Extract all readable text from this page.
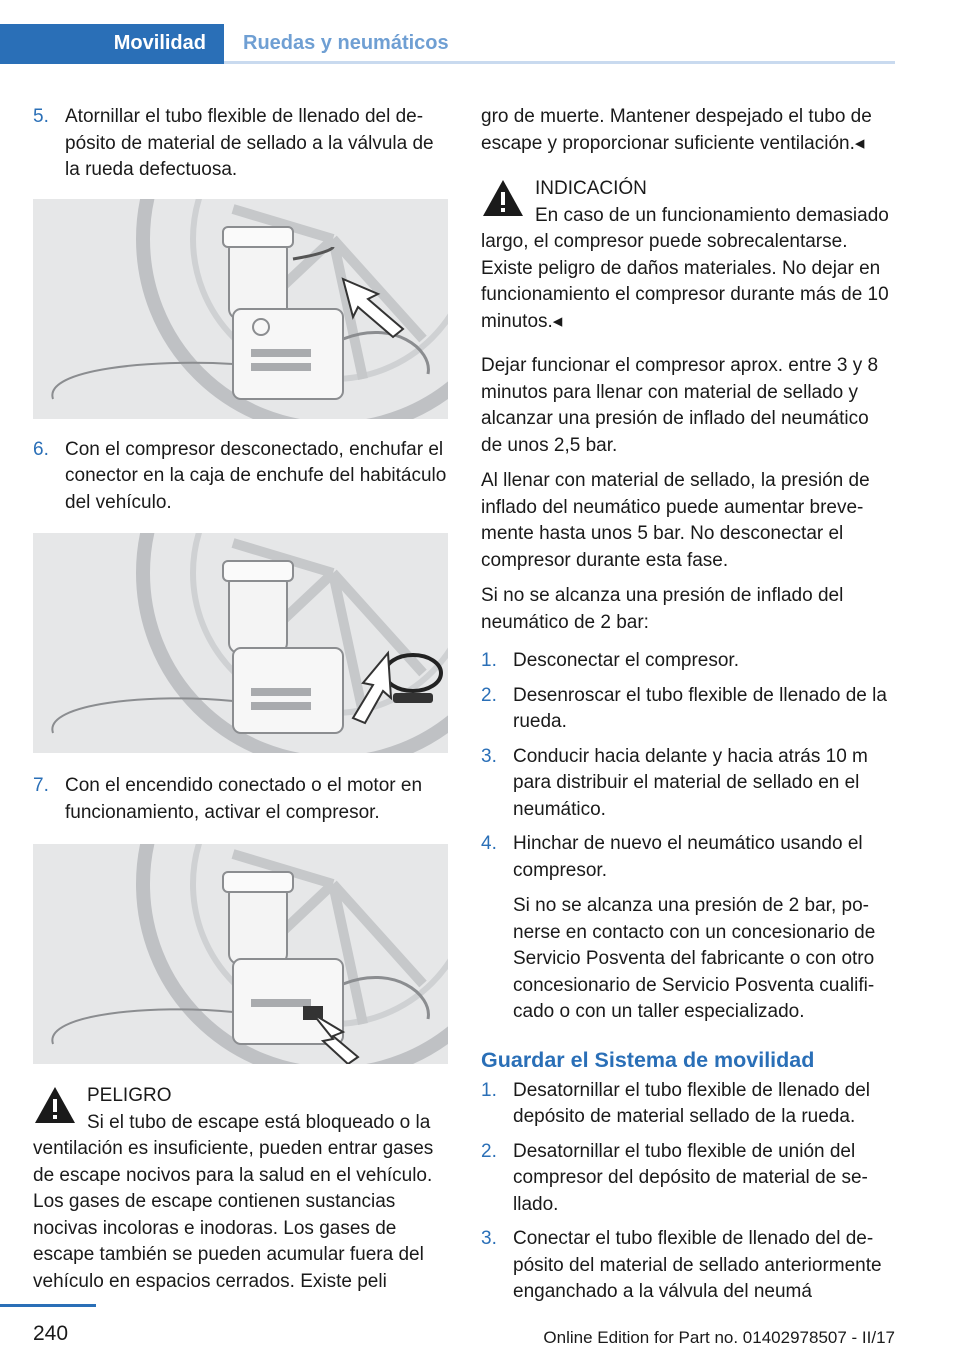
Movilidad	Ruedas y neumáticos
5. Atornillar el tubo flexible de llenado del depósito de material de sellado a la válvula de la rueda defectuosa.
6. Con el compresor desconectado, enchufar el conector en la caja de enchufe del habitáculo del vehículo.
7. Con el encendido conectado o el motor en funcionamiento, activar el compresor.
PELIGRO
Si el tubo de escape está bloqueado o la ventilación es insuficiente, pueden entrar gases de escape nocivos para la salud en el vehículo. Los gases de escape contienen sustancias nocivas incoloras e inodoras. Los gases de escape también se pueden acumular fuera del vehículo en espacios cerrados. Existe peli
gro de muerte. Mantener despejado el tubo de escape y proporcionar suficiente ventilación.◂
INDICACIÓN
En caso de un funcionamiento demasiado largo, el compresor puede sobrecalentarse. Existe peligro de daños materiales. No dejar en funcionamiento el compresor durante más de 10 minutos.◂
Dejar funcionar el compresor aprox. entre 3 y 8 minutos para llenar con material de sellado y alcanzar una presión de inflado del neumático de unos 2,5 bar.
Al llenar con material de sellado, la presión de inflado del neumático puede aumentar brevemente hasta unos 5 bar. No desconectar el compresor durante esta fase.
Si no se alcanza una presión de inflado del neumático de 2 bar:
1. Desconectar el compresor.
2. Desenroscar el tubo flexible de llenado de la rueda.
3. Conducir hacia delante y hacia atrás 10 m para distribuir el material de sellado en el neumático.
4. Hinchar de nuevo el neumático usando el compresor.
Si no se alcanza una presión de 2 bar, ponerse en contacto con un concesionario de Servicio Posventa del fabricante o con otro concesionario de Servicio Posventa cualificado o con un taller especializado.
Guardar el Sistema de movilidad
1. Desatornillar el tubo flexible de llenado del depósito de material sellado de la rueda.
2. Desatornillar el tubo flexible de unión del compresor del depósito de material de sellado.
3. Conectar el tubo flexible de llenado del depósito del material de sellado anteriormente enganchado a la válvula del neumá
240	Online Edition for Part no. 01402978507 - II/17
